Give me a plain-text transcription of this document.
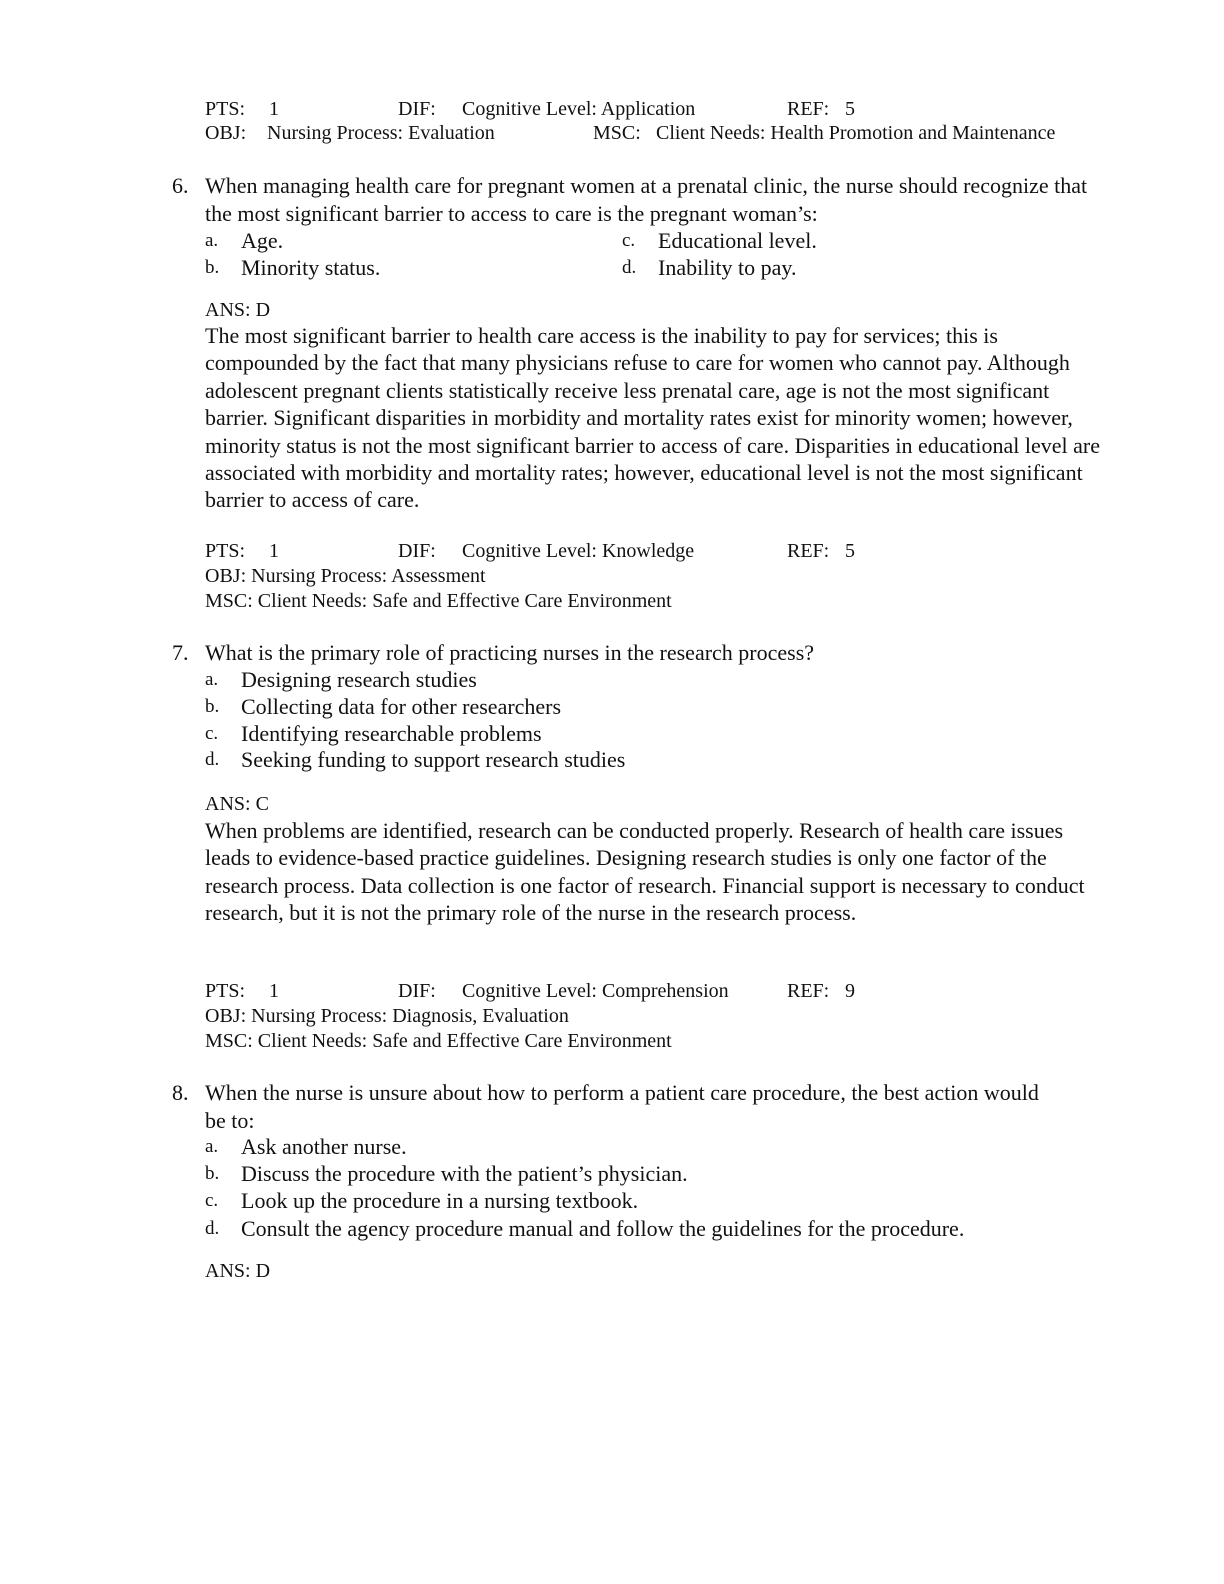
PTS: 1	DIF: Cognitive Level: Application	REF: 5
OBJ: Nursing Process: Evaluation	MSC: Client Needs: Health Promotion and Maintenance
6. When managing health care for pregnant women at a prenatal clinic, the nurse should recognize that the most significant barrier to access to care is the pregnant woman’s:
a. Age.
b. Minority status.
c. Educational level.
d. Inability to pay.
ANS: D
The most significant barrier to health care access is the inability to pay for services; this is compounded by the fact that many physicians refuse to care for women who cannot pay. Although adolescent pregnant clients statistically receive less prenatal care, age is not the most significant barrier. Significant disparities in morbidity and mortality rates exist for minority women; however, minority status is not the most significant barrier to access of care. Disparities in educational level are associated with morbidity and mortality rates; however, educational level is not the most significant barrier to access of care.
PTS: 1	DIF: Cognitive Level: Knowledge	REF: 5
OBJ: Nursing Process: Assessment
MSC: Client Needs: Safe and Effective Care Environment
7. What is the primary role of practicing nurses in the research process?
a. Designing research studies
b. Collecting data for other researchers
c. Identifying researchable problems
d. Seeking funding to support research studies
ANS: C
When problems are identified, research can be conducted properly. Research of health care issues leads to evidence-based practice guidelines. Designing research studies is only one factor of the research process. Data collection is one factor of research. Financial support is necessary to conduct research, but it is not the primary role of the nurse in the research process.
PTS: 1	DIF: Cognitive Level: Comprehension	REF: 9
OBJ: Nursing Process: Diagnosis, Evaluation
MSC: Client Needs: Safe and Effective Care Environment
8. When the nurse is unsure about how to perform a patient care procedure, the best action would be to:
a. Ask another nurse.
b. Discuss the procedure with the patient’s physician.
c. Look up the procedure in a nursing textbook.
d. Consult the agency procedure manual and follow the guidelines for the procedure.
ANS: D
